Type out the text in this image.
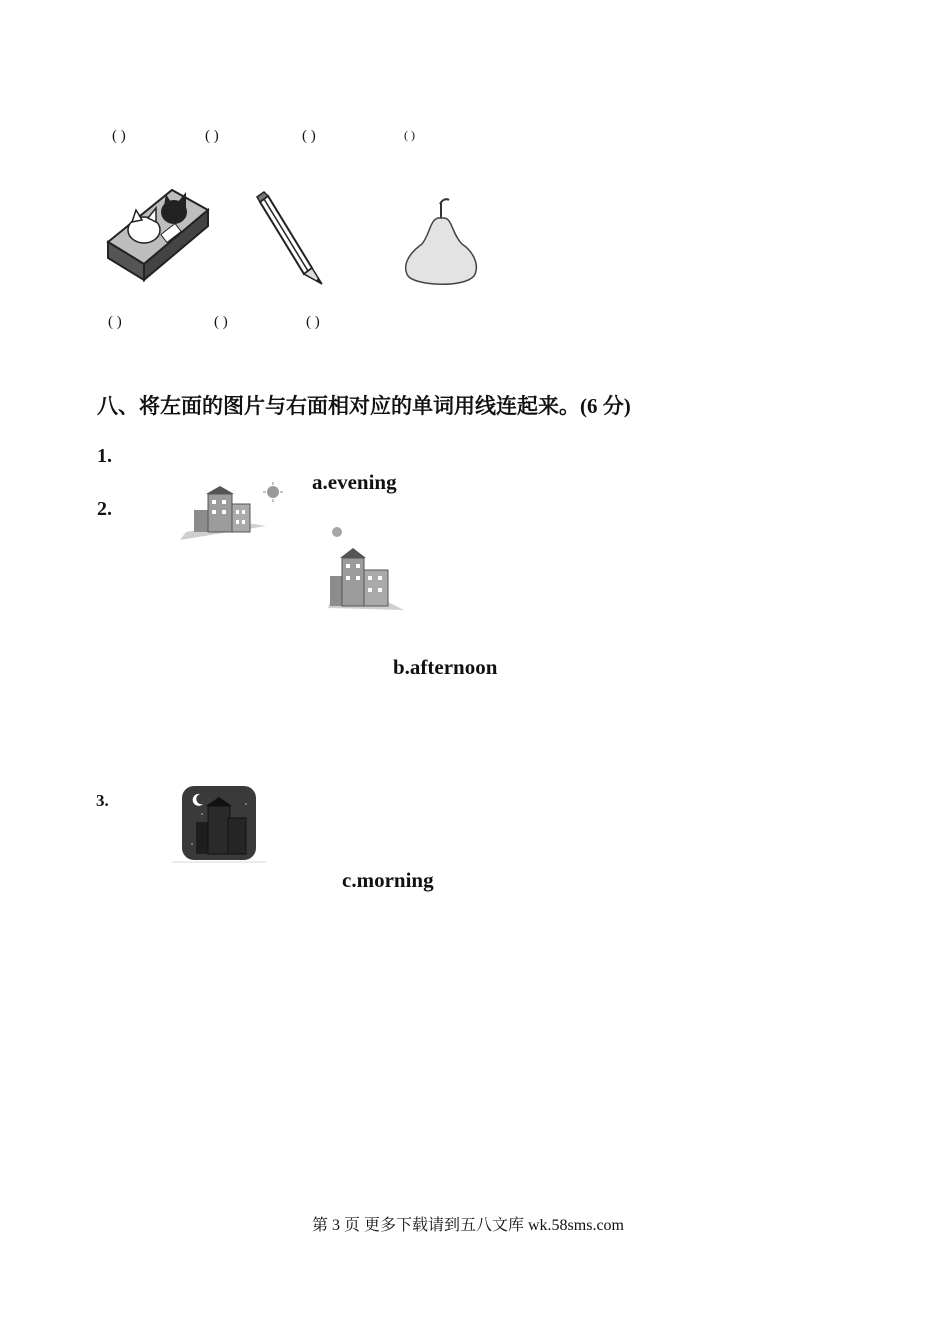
( )	( )	( )	( )
( )	( )	( )
八、将左面的图片与右面相对应的单词用线连起来。(6 分)
1.
2.
3.
a.evening
b.afternoon
c.morning
第 3 页 更多下载请到五八文库 wk.58sms.com
